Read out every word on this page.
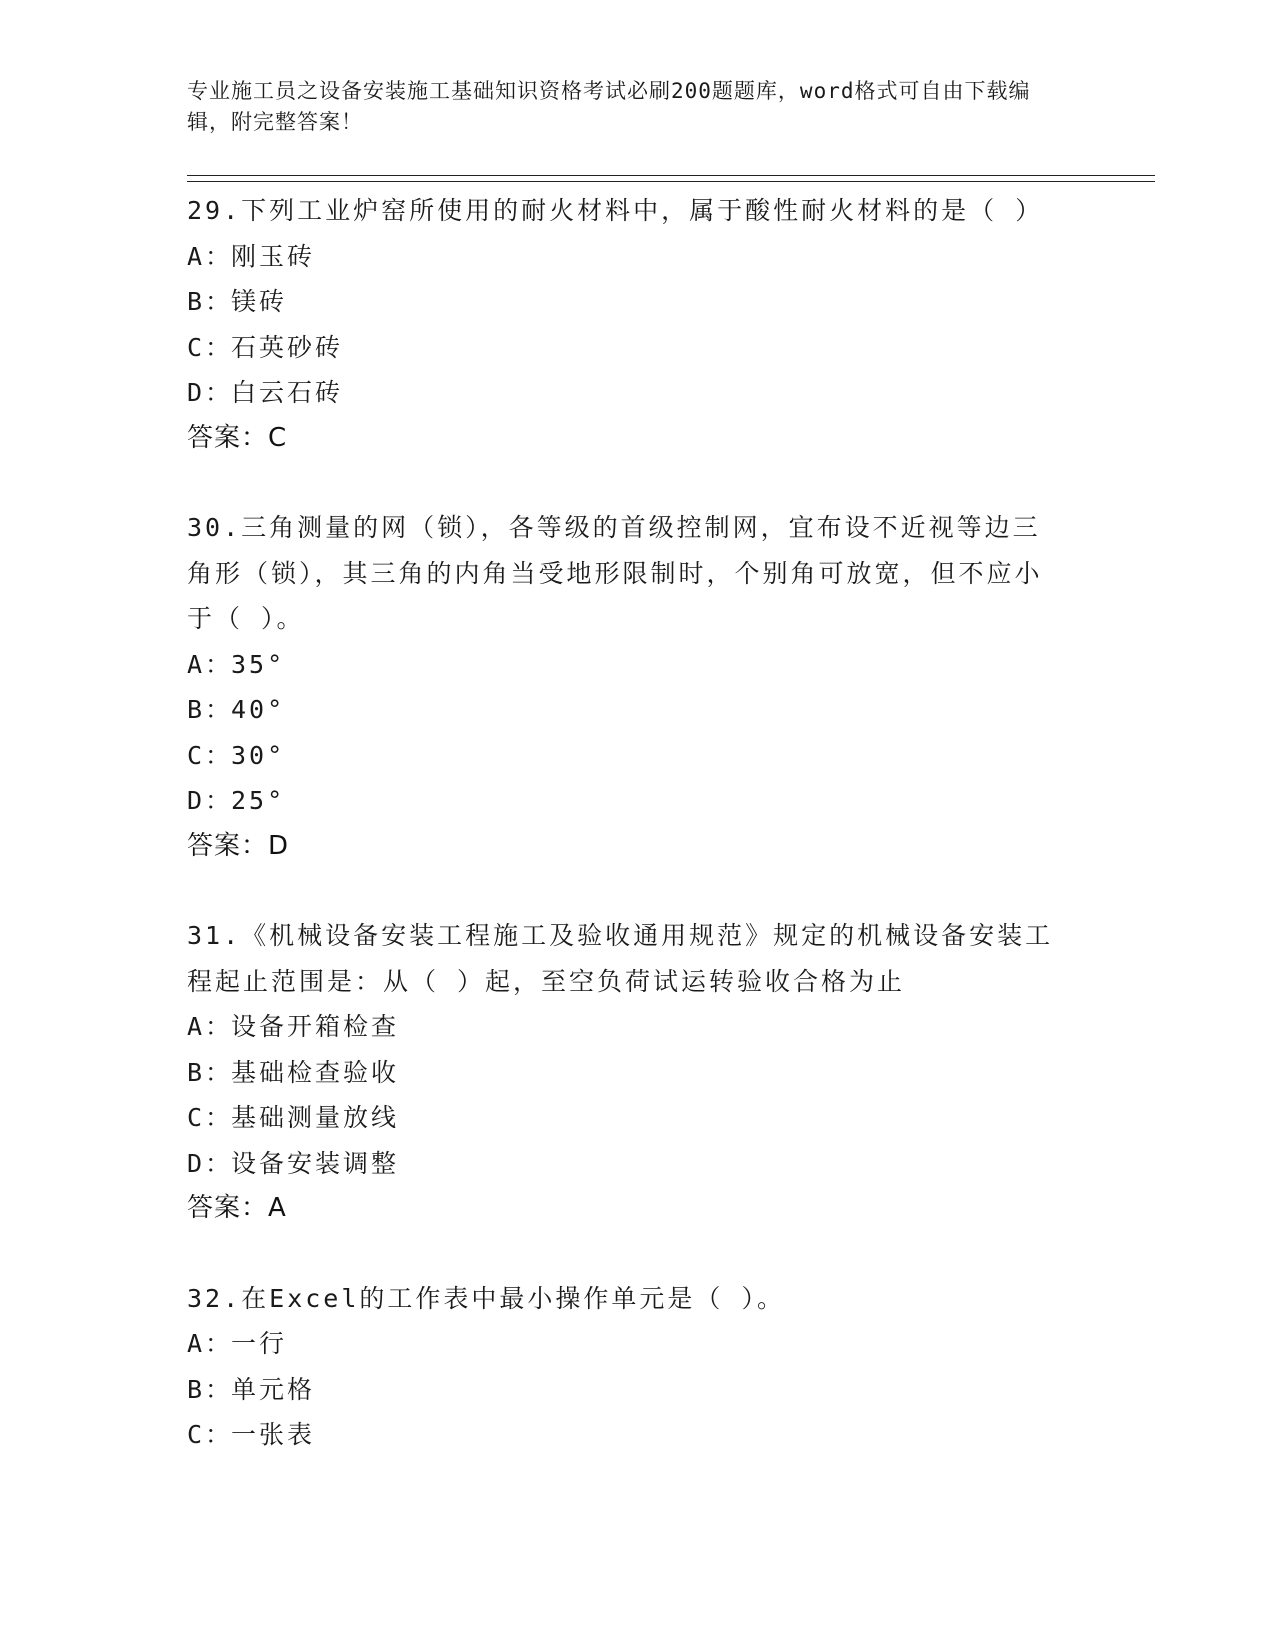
专业施工员之设备安装施工基础知识资格考试必刷200题题库，word格式可自由下载编辑，附完整答案！
29.下列工业炉窑所使用的耐火材料中，属于酸性耐火材料的是（ ）
A：刚玉砖
B：镁砖
C：石英砂砖
D：白云石砖
答案：C
30.三角测量的网（锁），各等级的首级控制网，宜布设不近视等边三角形（锁），其三角的内角当受地形限制时，个别角可放宽，但不应小于（ ）。
A：35°
B：40°
C：30°
D：25°
答案：D
31.《机械设备安装工程施工及验收通用规范》规定的机械设备安装工程起止范围是：从（ ）起，至空负荷试运转验收合格为止
A：设备开箱检查
B：基础检查验收
C：基础测量放线
D：设备安装调整
答案：A
32.在Excel的工作表中最小操作单元是（ ）。
A：一行
B：单元格
C：一张表
